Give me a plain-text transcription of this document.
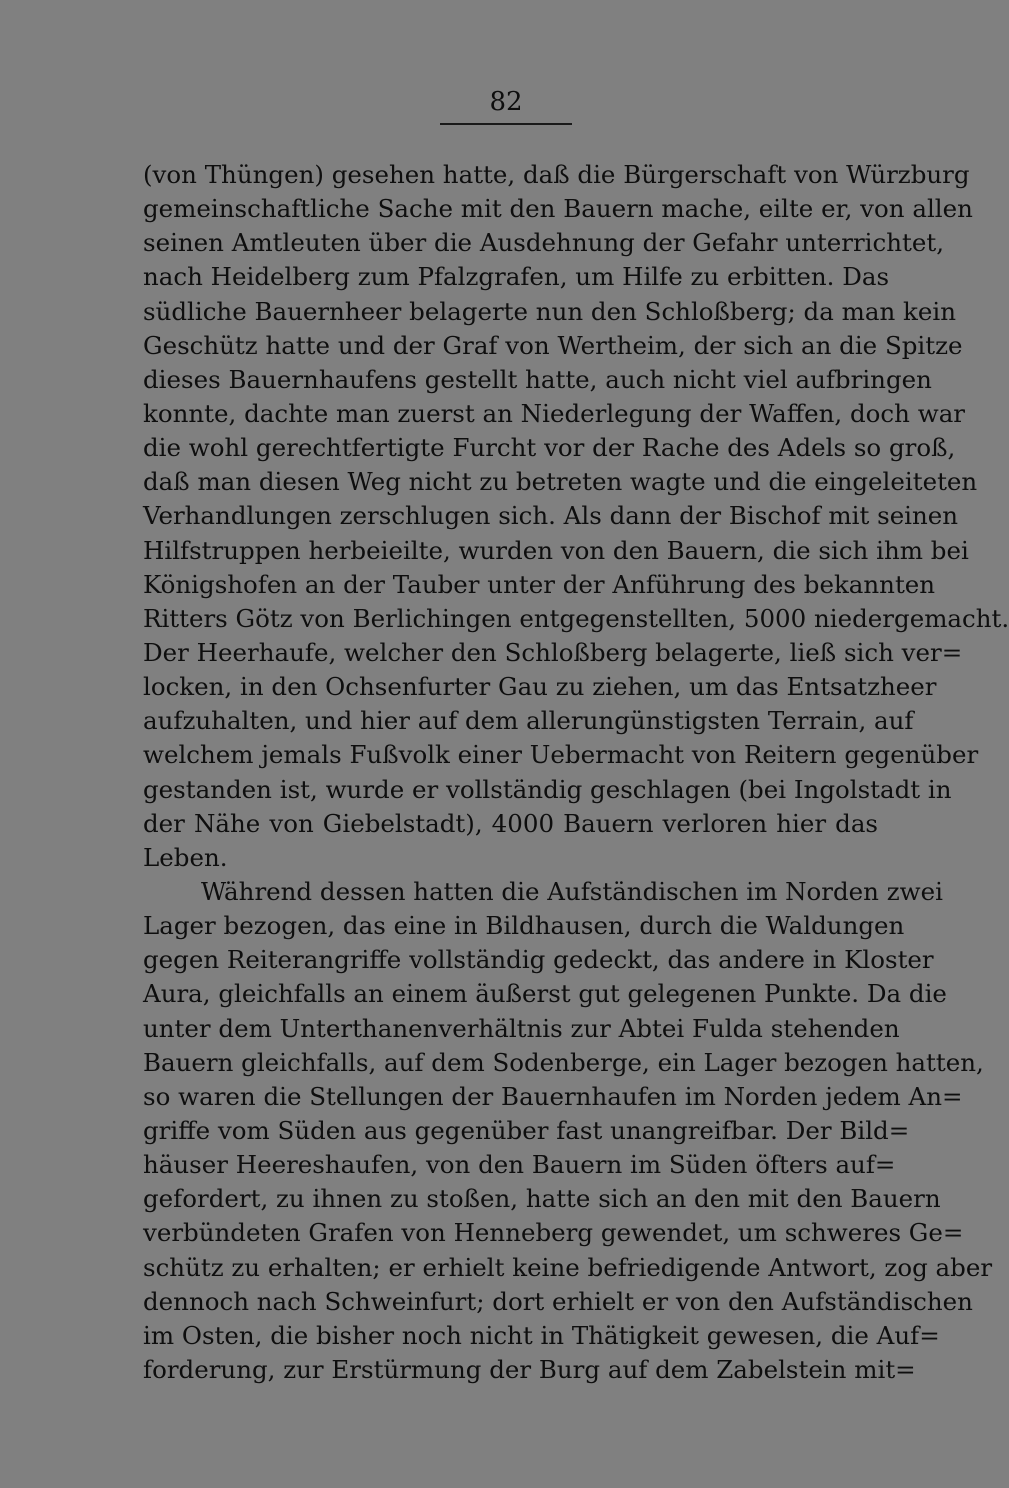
82
(von Thüngen) gesehen hatte, daß die Bürgerschaft von Würzburg
gemeinschaftliche Sache mit den Bauern mache, eilte er, von allen
seinen Amtleuten über die Ausdehnung der Gefahr unterrichtet,
nach Heidelberg zum Pfalzgrafen, um Hilfe zu erbitten. Das
südliche Bauernheer belagerte nun den Schloßberg; da man kein
Geschütz hatte und der Graf von Wertheim, der sich an die Spitze
dieses Bauernhaufens gestellt hatte, auch nicht viel aufbringen
konnte, dachte man zuerst an Niederlegung der Waffen, doch war
die wohl gerechtfertigte Furcht vor der Rache des Adels so groß,
daß man diesen Weg nicht zu betreten wagte und die eingeleiteten
Verhandlungen zerschlugen sich. Als dann der Bischof mit seinen
Hilfstruppen herbeieilte, wurden von den Bauern, die sich ihm bei
Königshofen an der Tauber unter der Anführung des bekannten
Ritters Götz von Berlichingen entgegenstellten, 5000 niedergemacht.
Der Heerhaufe, welcher den Schloßberg belagerte, ließ sich ver=
locken, in den Ochsenfurter Gau zu ziehen, um das Entsatzheer
aufzuhalten, und hier auf dem allerungünstigsten Terrain, auf
welchem jemals Fußvolk einer Uebermacht von Reitern gegenüber
gestanden ist, wurde er vollständig geschlagen (bei Ingolstadt in
der Nähe von Giebelstadt), 4000 Bauern verloren hier das
Leben.
Während dessen hatten die Aufständischen im Norden zwei
Lager bezogen, das eine in Bildhausen, durch die Waldungen
gegen Reiterangriffe vollständig gedeckt, das andere in Kloster
Aura, gleichfalls an einem äußerst gut gelegenen Punkte. Da die
unter dem Unterthanenverhältnis zur Abtei Fulda stehenden
Bauern gleichfalls, auf dem Sodenberge, ein Lager bezogen hatten,
so waren die Stellungen der Bauernhaufen im Norden jedem An=
griffe vom Süden aus gegenüber fast unangreifbar. Der Bild=
häuser Heereshaufen, von den Bauern im Süden öfters auf=
gefordert, zu ihnen zu stoßen, hatte sich an den mit den Bauern
verbündeten Grafen von Henneberg gewendet, um schweres Ge=
schütz zu erhalten; er erhielt keine befriedigende Antwort, zog aber
dennoch nach Schweinfurt; dort erhielt er von den Aufständischen
im Osten, die bisher noch nicht in Thätigkeit gewesen, die Auf=
forderung, zur Erstürmung der Burg auf dem Zabelstein mit=
